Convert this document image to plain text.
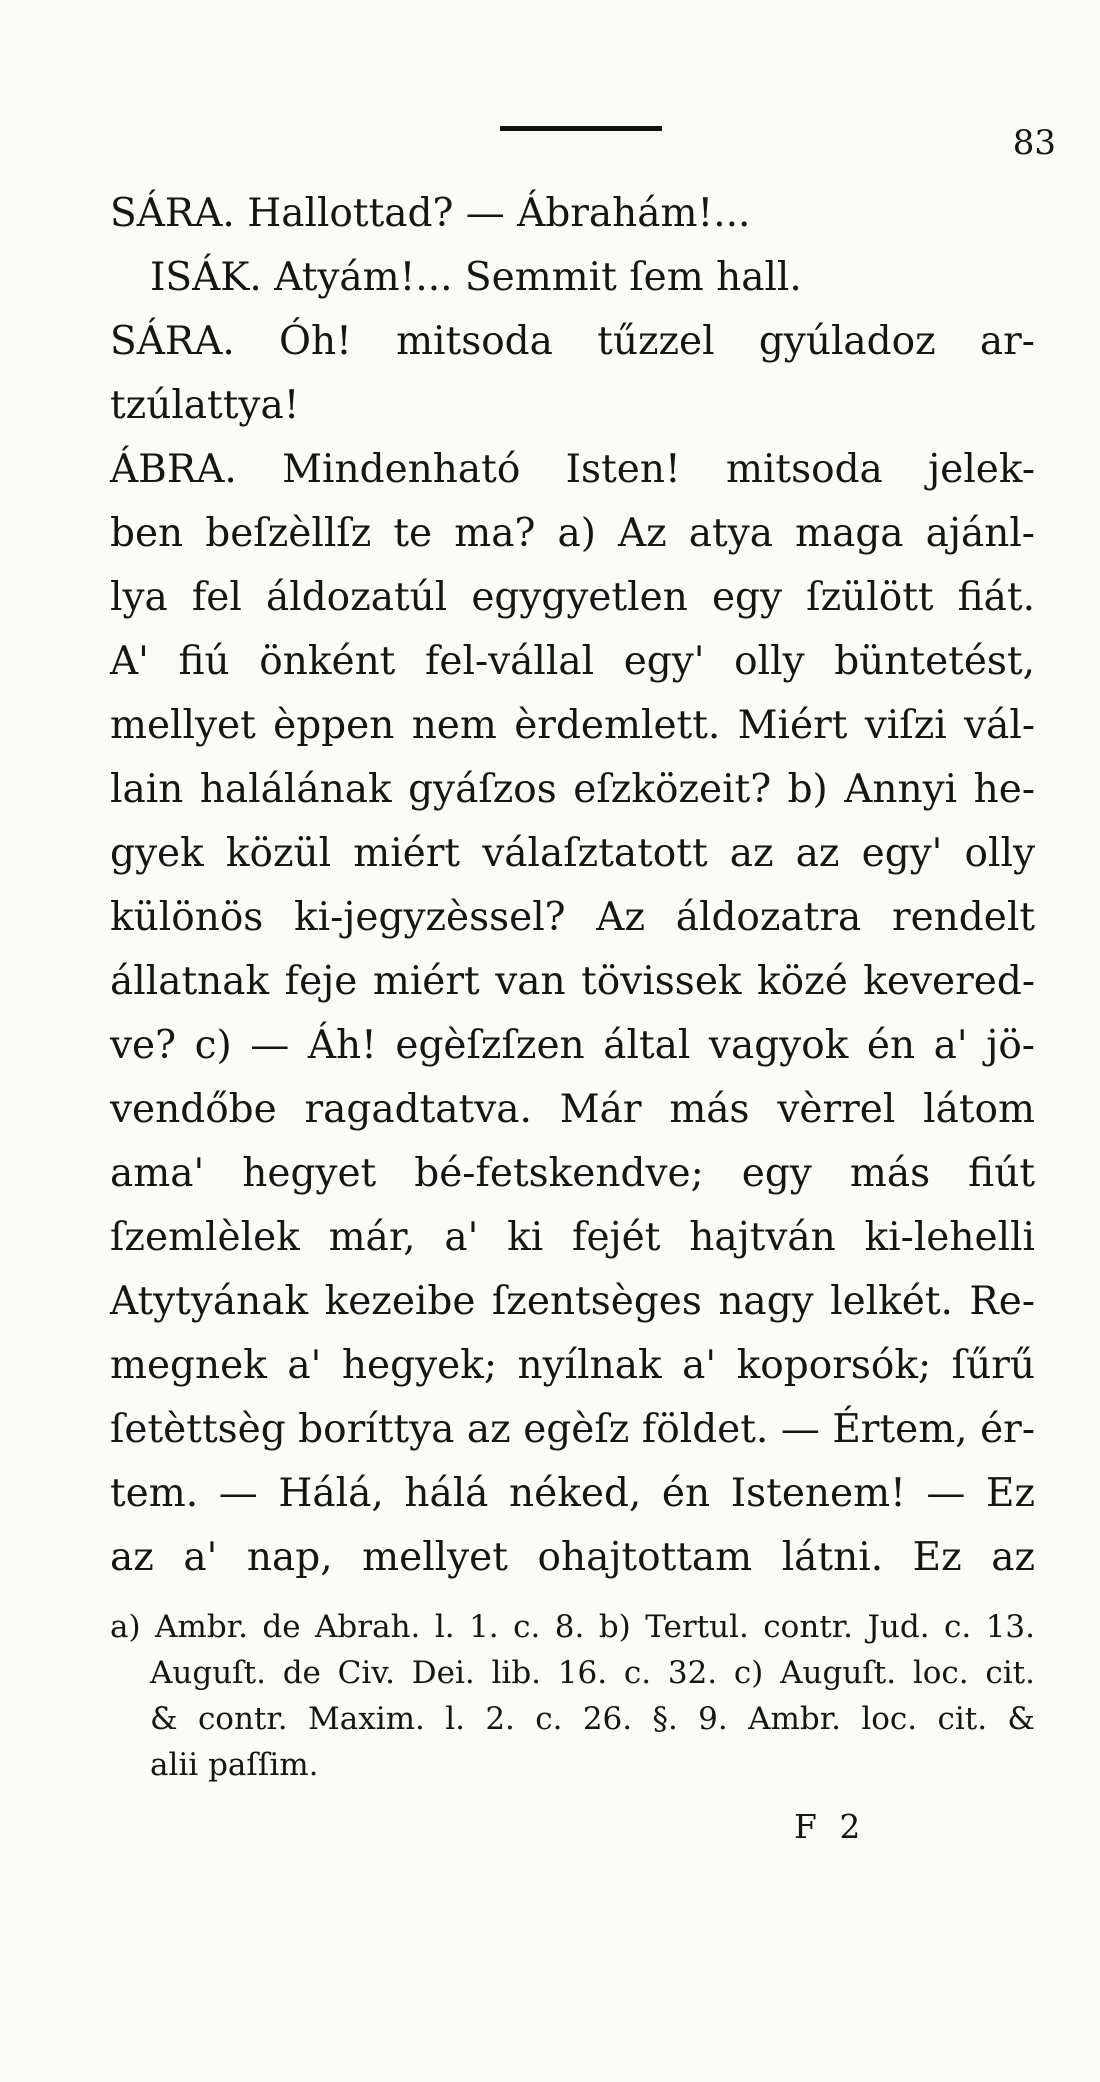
83
SÁRA. Hallottad? — Ábrahám!...
ISÁK. Atyám!... Semmit ſem hall.
SÁRA. Óh! mitsoda tűzzel gyúladoz ar-
tzúlattya!
ÁBRA. Mindenható Isten! mitsoda jelek-
ben beſzèllſz te ma? a) Az atya maga ajánl-
lya fel áldozatúl egygyetlen egy ſzülött fiát.
A' fiú önként fel-vállal egy' olly büntetést,
mellyet èppen nem èrdemlett. Miért viſzi vál-
lain halálának gyáſzos eſzközeit? b) Annyi he-
gyek közül miért válaſztatott az az egy' olly
különös ki-jegyzèssel? Az áldozatra rendelt
állatnak feje miért van tövissek közé kevered-
ve? c) — Áh! egèſzſzen által vagyok én a' jö-
vendőbe ragadtatva. Már más vèrrel látom
ama' hegyet bé-fetskendve; egy más fiút
ſzemlèlek már, a' ki fejét hajtván ki-lehelli
Atytyának kezeibe ſzentsèges nagy lelkét. Re-
megnek a' hegyek; nyílnak a' koporsók; ſűrű
ſetèttsèg boríttya az egèſz földet. — Értem, ér-
tem. — Hálá, hálá néked, én Istenem! — Ez
az a' nap, mellyet ohajtottam látni. Ez az
a) Ambr. de Abrah. l. 1. c. 8. b) Tertul. contr. Jud. c. 13.
Auguſt. de Civ. Dei. lib. 16. c. 32. c) Auguſt. loc. cit.
& contr. Maxim. l. 2. c. 26. §. 9. Ambr. loc. cit. &
alii paſſim.
F 2
